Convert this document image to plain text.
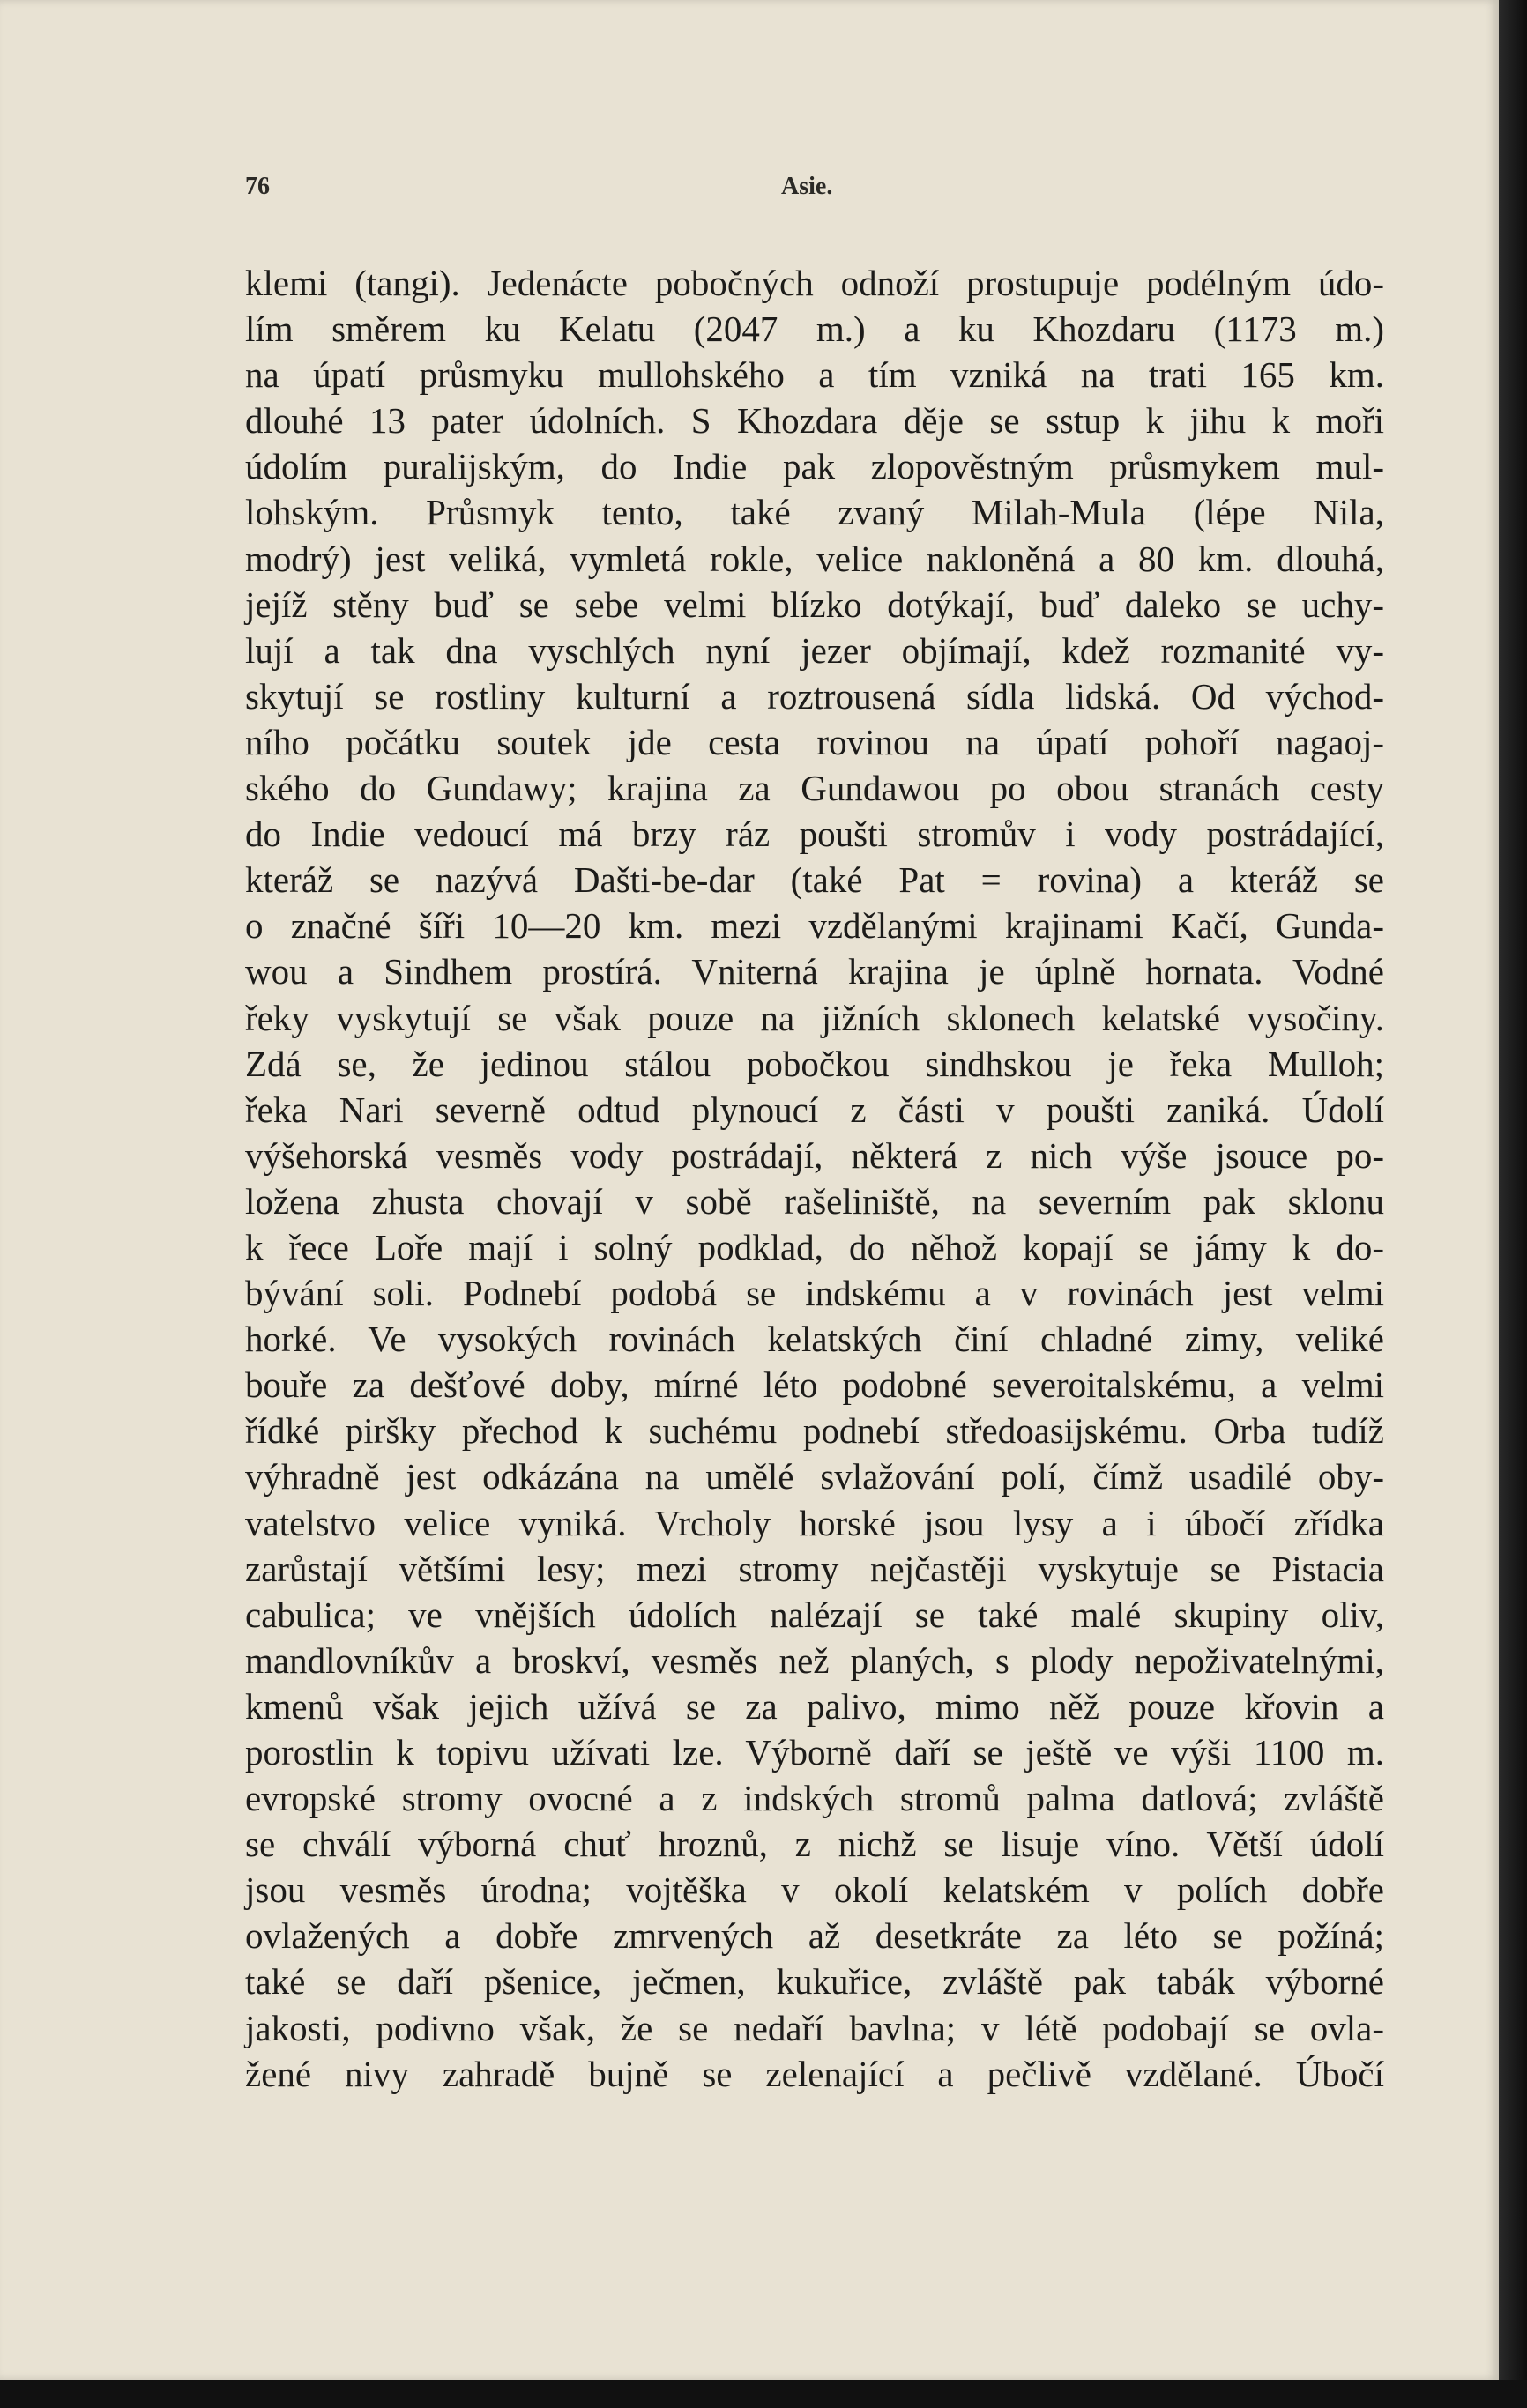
76	Asie.
klemi (tangi). Jedenácte pobočných odnoží prostupuje podélným údo-
lím směrem ku Kelatu (2047 m.) a ku Khozdaru (1173 m.)
na úpatí průsmyku mullohského a tím vzniká na trati 165 km.
dlouhé 13 pater údolních. S Khozdara děje se sstup k jihu k moři
údolím puralijským, do Indie pak zlopověstným průsmykem mul-
lohským. Průsmyk tento, také zvaný Milah-Mula (lépe Nila,
modrý) jest veliká, vymletá rokle, velice nakloněná a 80 km. dlouhá,
jejíž stěny buď se sebe velmi blízko dotýkají, buď daleko se uchy-
lují a tak dna vyschlých nyní jezer objímají, kdež rozmanité vy-
skytují se rostliny kulturní a roztrousená sídla lidská. Od východ-
ního počátku soutek jde cesta rovinou na úpatí pohoří nagaoj-
ského do Gundawy; krajina za Gundawou po obou stranách cesty
do Indie vedoucí má brzy ráz poušti stromův i vody postrádající,
kteráž se nazývá Dašti-be-dar (také Pat = rovina) a kteráž se
o značné šíři 10—20 km. mezi vzdělanými krajinami Kačí, Gunda-
wou a Sindhem prostírá. Vniterná krajina je úplně hornata. Vodné
řeky vyskytují se však pouze na jižních sklonech kelatské vysočiny.
Zdá se, že jedinou stálou pobočkou sindhskou je řeka Mulloh;
řeka Nari severně odtud plynoucí z části v poušti zaniká. Údolí
výšehorská vesměs vody postrádají, některá z nich výše jsouce po-
ložena zhusta chovají v sobě rašeliniště, na severním pak sklonu
k řece Loře mají i solný podklad, do něhož kopají se jámy k do-
bývání soli. Podnebí podobá se indskému a v rovinách jest velmi
horké. Ve vysokých rovinách kelatských činí chladné zimy, veliké
bouře za dešťové doby, mírné léto podobné severoitalskému, a velmi
řídké piršky přechod k suchému podnebí středoasijskému. Orba tudíž
výhradně jest odkázána na umělé svlažování polí, čímž usadilé oby-
vatelstvo velice vyniká. Vrcholy horské jsou lysy a i úbočí zřídka
zarůstají většími lesy; mezi stromy nejčastěji vyskytuje se Pistacia
cabulica; ve vnějších údolích nalézají se také malé skupiny oliv,
mandlovníkův a broskví, vesměs než planých, s plody nepoživatelnými,
kmenů však jejich užívá se za palivo, mimo něž pouze křovin a
porostlin k topivu užívati lze. Výborně daří se ještě ve výši 1100 m.
evropské stromy ovocné a z indských stromů palma datlová; zvláště
se chválí výborná chuť hroznů, z nichž se lisuje víno. Větší údolí
jsou vesměs úrodna; vojtěška v okolí kelatském v polích dobře
ovlažených a dobře zmrvených až desetkráte za léto se požíná;
také se daří pšenice, ječmen, kukuřice, zvláště pak tabák výborné
jakosti, podivno však, že se nedaří bavlna; v létě podobají se ovla-
žené nivy zahradě bujně se zelenající a pečlivě vzdělané. Úbočí
